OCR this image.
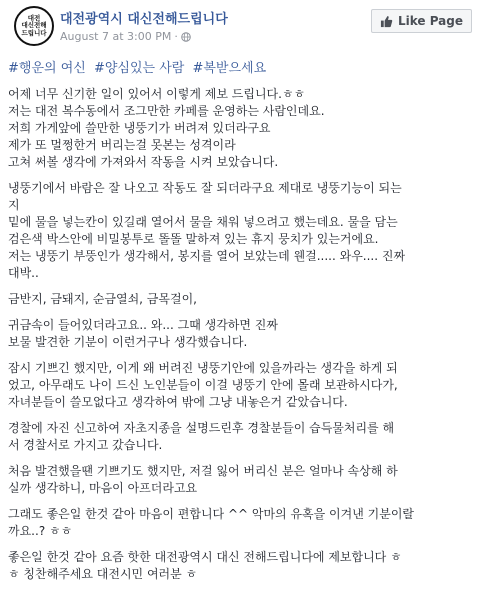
대전
대신전해
드립니다
대전광역시 대신전해드립니다
August 7 at 3:00 PM ·
Like Page
#행운의 여신 #양심있는 사람 #복받으세요
어제 너무 신기한 일이 있어서 이렇게 제보 드립니다.ㅎㅎ
저는 대전 복수동에서 조그만한 카페를 운영하는 사람인데요.
저희 가게앞에 쓸만한 냉뚱기가 버려져 있더라구요
제가 또 멀쩡한거 버리는걸 못본는 성격이라
고쳐 써볼 생각에 가져와서 작동을 시켜 보았습니다.
냉뚱기에서 바람은 잘 나오고 작동도 잘 되더라구요 제대로 냉뚱기능이 되는
지
밑에 물을 넣는칸이 있길래 열어서 물을 채워 넣으려고 했는데요. 물을 담는
검은색 박스안에 비밀봉투로 똘똘 말하져 있는 휴지 뭉치가 있는거에요.
저는 냉뚱기 부뚱인가 생각해서, 봉지를 열어 보았는데 웬걸..... 와우.... 진짜
대박..
금반지, 금돼지, 순금열쇠, 금목걸이,
귀금속이 들어있더라고요.. 와... 그때 생각하면 진짜
보물 발견한 기분이 이런거구나 생각했습니다.
잠시 기쁘긴 했지만, 이게 왜 버려진 냉뚱기안에 있을까라는 생각을 하게 되
었고, 아무래도 나이 드신 노인분들이 이걸 냉뚱기 안에 몰래 보관하시다가,
자녀분들이 쓸모없다고 생각하여 밖에 그냥 내놓은거 같았습니다.
경찰에 자진 신고하여 자초지종을 설명드린후 경찰분들이 습득물처리를 해
서 경찰서로 가지고 갔습니다.
처음 발견했을땐 기쁘기도 했지만, 저걸 잃어 버리신 분은 얼마나 속상해 하
실까 생각하니, 마음이 아프더라고요
그래도 좋은일 한것 같아 마음이 편합니다 ^^ 악마의 유혹을 이겨낸 기분이랄
까요..? ㅎㅎ
좋은일 한것 같아 요즘 핫한 대전광역시 대신 전해드립니다에 제보합니다 ㅎ
ㅎ 칭찬해주세요 대전시민 여러분 ㅎ
